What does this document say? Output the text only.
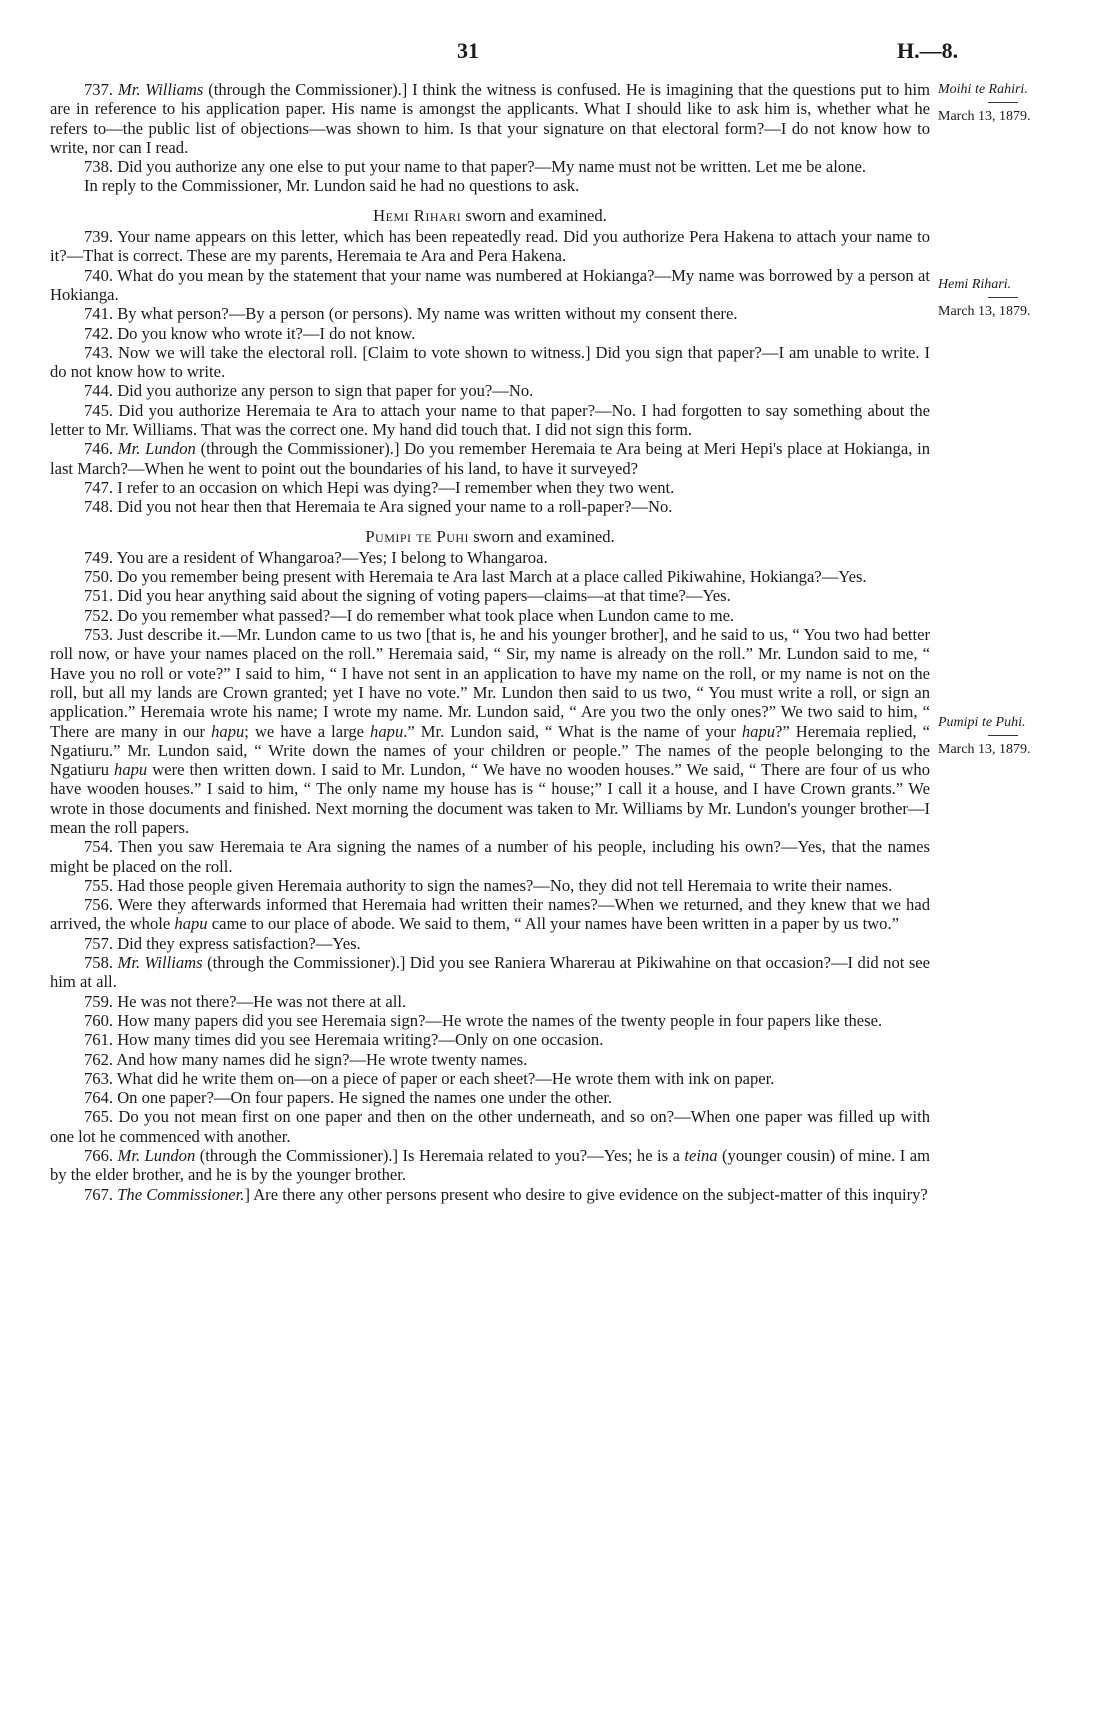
31	H.—8.
Moihi te Rahiri.
March 13, 1879.
Hemi Rihari.
March 13, 1879.
Pumipi te Puhi.
March 13, 1879.

737. Mr. Williams (through the Commissioner).] I think the witness is confused. He is imagining that the questions put to him are in reference to his application paper. His name is amongst the applicants. What I should like to ask him is, whether what he refers to—the public list of objections—was shown to him. Is that your signature on that electoral form?—I do not know how to write, nor can I read.

738. Did you authorize any one else to put your name to that paper?—My name must not be written. Let me be alone.

In reply to the Commissioner, Mr. Lundon said he had no questions to ask.

Hemi Rihari sworn and examined.

739. Your name appears on this letter, which has been repeatedly read. Did you authorize Pera Hakena to attach your name to it?—That is correct. These are my parents, Heremaia te Ara and Pera Hakena.

740. What do you mean by the statement that your name was numbered at Hokianga?—My name was borrowed by a person at Hokianga.

741. By what person?—By a person (or persons). My name was written without my consent there.

742. Do you know who wrote it?—I do not know.

743. Now we will take the electoral roll. [Claim to vote shown to witness.] Did you sign that paper?—I am unable to write. I do not know how to write.

744. Did you authorize any person to sign that paper for you?—No.

745. Did you authorize Heremaia te Ara to attach your name to that paper?—No. I had forgotten to say something about the letter to Mr. Williams. That was the correct one. My hand did touch that. I did not sign this form.

746. Mr. Lundon (through the Commissioner).] Do you remember Heremaia te Ara being at Meri Hepi's place at Hokianga, in last March?—When he went to point out the boundaries of his land, to have it surveyed?

747. I refer to an occasion on which Hepi was dying?—I remember when they two went.

748. Did you not hear then that Heremaia te Ara signed your name to a roll-paper?—No.

Pumipi te Puhi sworn and examined.

749. You are a resident of Whangaroa?—Yes; I belong to Whangaroa.

750. Do you remember being present with Heremaia te Ara last March at a place called Pikiwahine, Hokianga?—Yes.

751. Did you hear anything said about the signing of voting papers—claims—at that time?—Yes.

752. Do you remember what passed?—I do remember what took place when Lundon came to me.

753. Just describe it.—Mr. Lundon came to us two [that is, he and his younger brother], and he said to us, “ You two had better roll now, or have your names placed on the roll.” Heremaia said, “ Sir, my name is already on the roll.” Mr. Lundon said to me, “ Have you no roll or vote?” I said to him, “ I have not sent in an application to have my name on the roll, or my name is not on the roll, but all my lands are Crown granted; yet I have no vote.” Mr. Lundon then said to us two, “ You must write a roll, or sign an application.” Heremaia wrote his name; I wrote my name. Mr. Lundon said, “ Are you two the only ones?” We two said to him, “ There are many in our hapu; we have a large hapu.” Mr. Lundon said, “ What is the name of your hapu?” Heremaia replied, “ Ngatiuru.” Mr. Lundon said, “ Write down the names of your children or people.” The names of the people belonging to the Ngatiuru hapu were then written down. I said to Mr. Lundon, “ We have no wooden houses.” We said, “ There are four of us who have wooden houses.” I said to him, “ The only name my house has is “ house;” I call it a house, and I have Crown grants.” We wrote in those documents and finished. Next morning the document was taken to Mr. Williams by Mr. Lundon's younger brother—I mean the roll papers.

754. Then you saw Heremaia te Ara signing the names of a number of his people, including his own?—Yes, that the names might be placed on the roll.

755. Had those people given Heremaia authority to sign the names?—No, they did not tell Heremaia to write their names.

756. Were they afterwards informed that Heremaia had written their names?—When we returned, and they knew that we had arrived, the whole hapu came to our place of abode. We said to them, “ All your names have been written in a paper by us two.”

757. Did they express satisfaction?—Yes.

758. Mr. Williams (through the Commissioner).] Did you see Raniera Wharerau at Pikiwahine on that occasion?—I did not see him at all.

759. He was not there?—He was not there at all.

760. How many papers did you see Heremaia sign?—He wrote the names of the twenty people in four papers like these.

761. How many times did you see Heremaia writing?—Only on one occasion.

762. And how many names did he sign?—He wrote twenty names.

763. What did he write them on—on a piece of paper or each sheet?—He wrote them with ink on paper.

764. On one paper?—On four papers. He signed the names one under the other.

765. Do you not mean first on one paper and then on the other underneath, and so on?—When one paper was filled up with one lot he commenced with another.

766. Mr. Lundon (through the Commissioner).] Is Heremaia related to you?—Yes; he is a teina (younger cousin) of mine. I am by the elder brother, and he is by the younger brother.

767. The Commissioner.] Are there any other persons present who desire to give evidence on the subject-matter of this inquiry?
